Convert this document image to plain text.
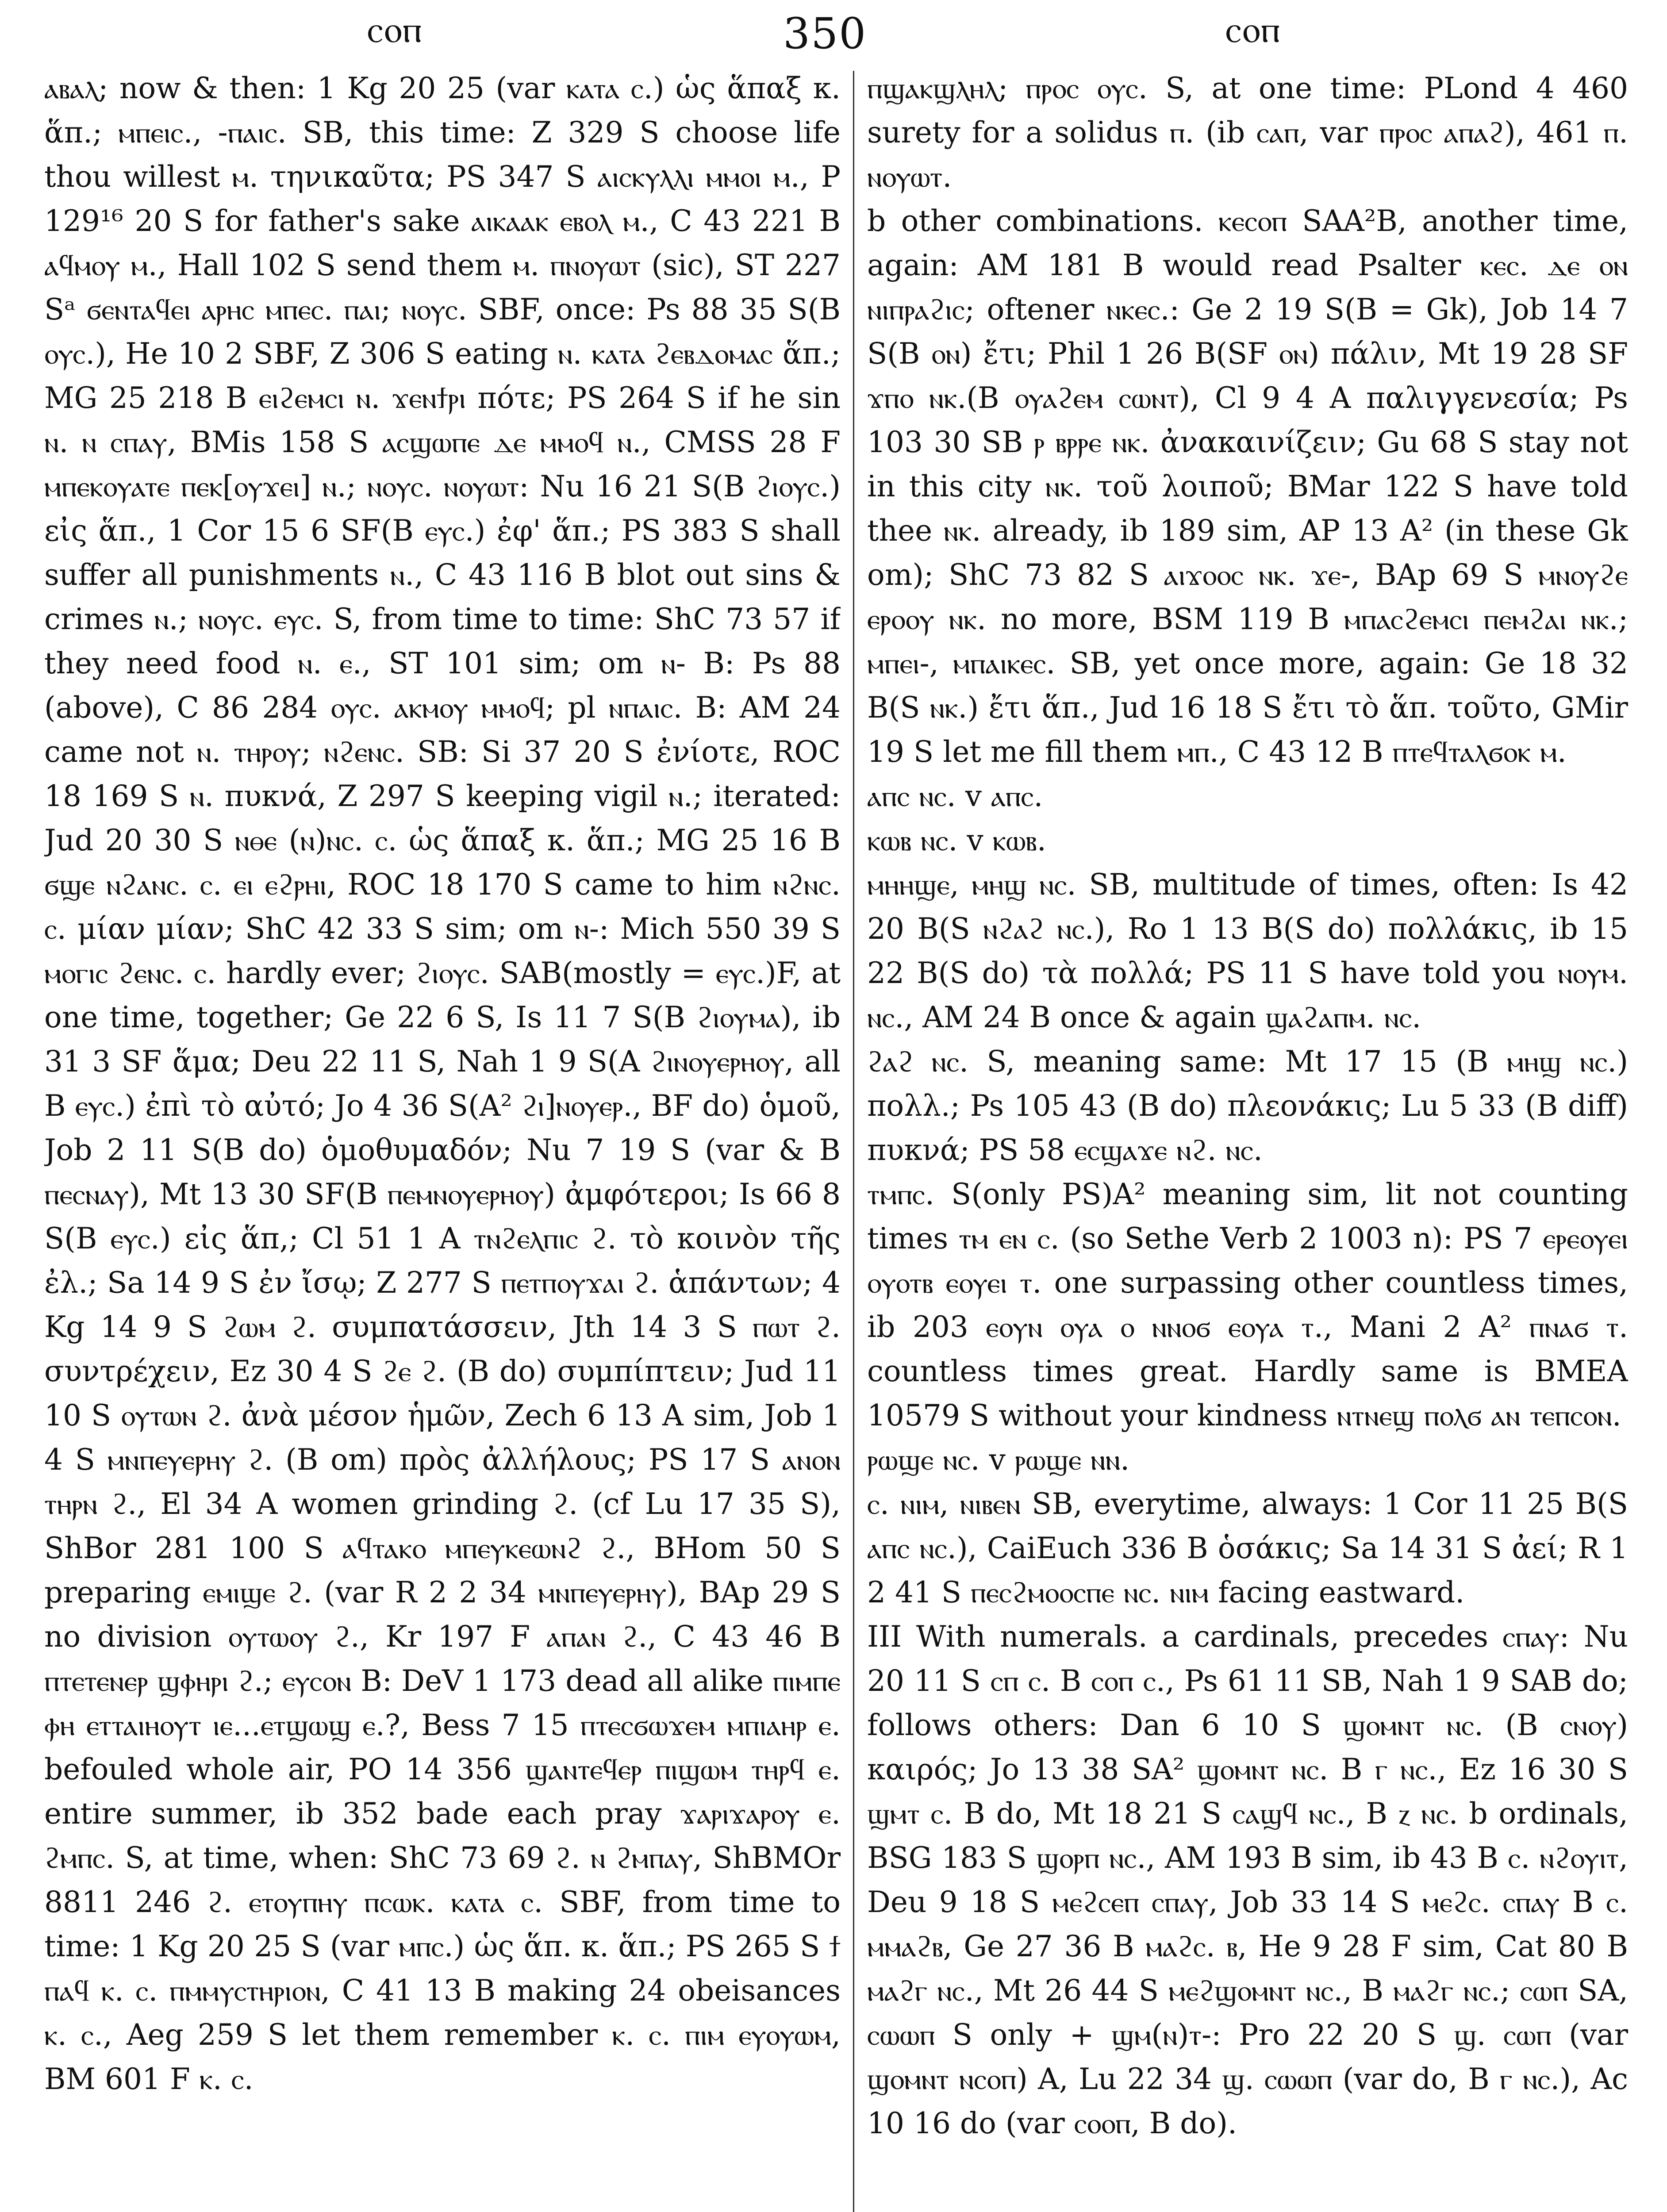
ⲥⲟⲡ	350	ⲥⲟⲡ

ⲁⲃⲁⲗ; now & then: 1 Kg 20 25 (var ⲕⲁⲧⲁ ⲥ.) ὡς ἅπαξ κ. ἅπ.; ⲙⲡⲉⲓⲥ., -ⲡⲁⲓⲥ. SB, this time: Z 329 S choose life thou willest ⲙ. τηνικαῦτα; PS 347 S ⲁⲓⲥⲕⲩⲗⲗⲓ ⲙⲙⲟⲓ ⲙ., P 129¹⁶ 20 S for father's sake ⲁⲓⲕⲁⲁⲕ ⲉⲃⲟⲗ ⲙ., C 43 221 B ⲁϥⲙⲟⲩ ⲙ., Hall 102 S send them ⲙ. ⲡⲛⲟⲩⲱⲧ (sic), ST 227 Sᵃ ϭⲉⲛⲧⲁϥⲉⲓ ⲁⲣⲏⲥ ⲙⲡⲉⲥ. ⲡⲁⲓ; ⲛⲟⲩⲥ. SBF, once: Ps 88 35 S(B ⲟⲩⲥ.), He 10 2 SBF, Z 306 S eating ⲛ. ⲕⲁⲧⲁ ϩⲉⲃⲇⲟⲙⲁⲥ ἅπ.; MG 25 218 B ⲉⲓϩⲉⲙⲥⲓ ⲛ. ϫⲉⲛϯⲣⲓ πότε; PS 264 S if he sin ⲛ. ⲛ ⲥⲡⲁⲩ, BMis 158 S ⲁⲥϣⲱⲡⲉ ⲇⲉ ⲙⲙⲟϥ ⲛ., CMSS 28 F ⲙⲡⲉⲕⲟⲩⲁⲧⲉ ⲡⲉⲕ[ⲟⲩϫⲉⲓ] ⲛ.; ⲛⲟⲩⲥ. ⲛⲟⲩⲱⲧ: Nu 16 21 S(B ϩⲓⲟⲩⲥ.) εἰς ἅπ., 1 Cor 15 6 SF(B ⲉⲩⲥ.) ἐφ' ἅπ.; PS 383 S shall suffer all punishments ⲛ., C 43 116 B blot out sins & crimes ⲛ.; ⲛⲟⲩⲥ. ⲉⲩⲥ. S, from time to time: ShC 73 57 if they need food ⲛ. ⲉ., ST 101 sim; om ⲛ- B: Ps 88 (above), C 86 284 ⲟⲩⲥ. ⲁⲕⲙⲟⲩ ⲙⲙⲟϥ; pl ⲛⲡⲁⲓⲥ. B: AM 24 came not ⲛ. ⲧⲏⲣⲟⲩ; ⲛϩⲉⲛⲥ. SB: Si 37 20 S ἐνίοτε, ROC 18 169 S ⲛ. πυκνά, Z 297 S keeping vigil ⲛ.; iterated: Jud 20 30 S ⲛⲑⲉ (ⲛ)ⲛⲥ. ⲥ. ὡς ἅπαξ κ. ἅπ.; MG 25 16 B ϭϣⲉ ⲛϩⲁⲛⲥ. ⲥ. ⲉⲓ ⲉϩⲣⲏⲓ, ROC 18 170 S came to him ⲛϩⲛⲥ. ⲥ. μίαν μίαν; ShC 42 33 S sim; om ⲛ-: Mich 550 39 S ⲙⲟⲅⲓⲥ ϩⲉⲛⲥ. ⲥ. hardly ever; ϩⲓⲟⲩⲥ. SAB(mostly = ⲉⲩⲥ.)F, at one time, together; Ge 22 6 S, Is 11 7 S(B ϩⲓⲟⲩⲙⲁ), ib 31 3 SF ἅμα; Deu 22 11 S, Nah 1 9 S(A ϩⲓⲛⲟⲩⲉⲣⲏⲟⲩ, all B ⲉⲩⲥ.) ἐπὶ τὸ αὐτό; Jo 4 36 S(A² ϩⲓ]ⲛⲟⲩⲉⲣ., BF do) ὁμοῦ, Job 2 11 S(B do) ὁμοθυμαδόν; Nu 7 19 S (var & B ⲡⲉⲥⲛⲁⲩ), Mt 13 30 SF(B ⲡⲉⲙⲛⲟⲩⲉⲣⲏⲟⲩ) ἀμφότεροι; Is 66 8 S(B ⲉⲩⲥ.) εἰς ἅπ,; Cl 51 1 A ⲧⲛϩⲉⲗⲡⲓⲥ ϩ. τὸ κοινὸν τῆς ἐλ.; Sa 14 9 S ἐν ἴσῳ; Z 277 S ⲡⲉⲧⲡⲟⲩϫⲁⲓ ϩ. ἁπάντων; 4 Kg 14 9 S ϩⲱⲙ ϩ. συμπατάσσειν, Jth 14 3 S ⲡⲱⲧ ϩ. συντρέχειν, Ez 30 4 S ϩⲉ ϩ. (B do) συμπίπτειν; Jud 11 10 S ⲟⲩⲧⲱⲛ ϩ. ἀνὰ μέσον ἡμῶν, Zech 6 13 A sim, Job 1 4 S ⲙⲛⲡⲉⲩⲉⲣⲏⲩ ϩ. (B om) πρὸς ἀλλήλους; PS 17 S ⲁⲛⲟⲛ ⲧⲏⲣⲛ ϩ., El 34 A women grinding ϩ. (cf Lu 17 35 S), ShBor 281 100 S ⲁϥⲧⲁⲕⲟ ⲙⲡⲉⲩⲕⲉⲱⲛϩ ϩ., BHom 50 S preparing ⲉⲙⲓϣⲉ ϩ. (var R 2 2 34 ⲙⲛⲡⲉⲩⲉⲣⲏⲩ), BAp 29 S no division ⲟⲩⲧⲱⲟⲩ ϩ., Kr 197 F ⲁⲡⲁⲛ ϩ., C 43 46 B ⲡⲧⲉⲧⲉⲛⲉⲣ ϣⲫⲏⲣⲓ ϩ.; ⲉⲩⲥⲟⲛ B: DeV 1 173 dead all alike ⲡⲓⲙⲡⲉ ⲫⲏ ⲉⲧⲧⲁⲓⲏⲟⲩⲧ ⲓⲉ...ⲉⲧϣⲱϣ ⲉ.?, Bess 7 15 ⲡⲧⲉⲥϭⲱϫⲉⲙ ⲙⲡⲓⲁⲏⲣ ⲉ. befouled whole air, PO 14 356 ϣⲁⲛⲧⲉϥⲉⲣ ⲡⲓϣⲱⲙ ⲧⲏⲣϥ ⲉ. entire summer, ib 352 bade each pray ϫⲁⲣⲓϫⲁⲣⲟⲩ ⲉ. ϩⲙⲡⲥ. S, at time, when: ShC 73 69 ϩ. ⲛ ϩⲙⲡⲁⲩ, ShBMOr 8811 246 ϩ. ⲉⲧⲟⲩⲡⲏⲩ ⲡⲥⲱⲕ. ⲕⲁⲧⲁ ⲥ. SBF, from time to time: 1 Kg 20 25 S (var ⲙⲡⲥ.) ὡς ἅπ. κ. ἅπ.; PS 265 S ϯ ⲡⲁϥ ⲕ. ⲥ. ⲡⲙⲙⲩⲥⲧⲏⲣⲓⲟⲛ, C 41 13 B making 24 obeisances ⲕ. ⲥ., Aeg 259 S let them remember ⲕ. ⲥ. ⲡⲓⲙ ⲉⲩⲟⲩⲱⲙ, BM 601 F ⲕ. ⲥ.

ⲡϣⲁⲕϣⲗⲏⲗ; ⲡⲣⲟⲥ ⲟⲩⲥ. S, at one time: PLond 4 460 surety for a solidus ⲡ. (ib ⲥⲁⲡ, var ⲡⲣⲟⲥ ⲁⲡⲁϩ), 461 ⲡ. ⲛⲟⲩⲱⲧ.

b other combinations. ⲕⲉⲥⲟⲡ SAA²B, another time, again: AM 181 B would read Psalter ⲕⲉⲥ. ⲇⲉ ⲟⲛ ⲛⲓⲡⲣⲁϩⲓⲥ; oftener ⲛⲕⲉⲥ.: Ge 2 19 S(B = Gk), Job 14 7 S(B ⲟⲛ) ἔτι; Phil 1 26 B(SF ⲟⲛ) πάλιν, Mt 19 28 SF ϫⲡⲟ ⲛⲕ.(B ⲟⲩⲁϩⲉⲙ ⲥⲱⲛⲧ), Cl 9 4 A παλιγγενεσία; Ps 103 30 SB ⲣ ⲃⲣⲣⲉ ⲛⲕ. ἀνακαινίζειν; Gu 68 S stay not in this city ⲛⲕ. τοῦ λοιποῦ; BMar 122 S have told thee ⲛⲕ. already, ib 189 sim, AP 13 A² (in these Gk om); ShC 73 82 S ⲁⲓϫⲟⲟⲥ ⲛⲕ. ϫⲉ-, BAp 69 S ⲙⲛⲟⲩϩⲉ ⲉⲣⲟⲟⲩ ⲛⲕ. no more, BSM 119 B ⲙⲡⲁⲥϩⲉⲙⲥⲓ ⲡⲉⲙϩⲁⲓ ⲛⲕ.; ⲙⲡⲉⲓ-, ⲙⲡⲁⲓⲕⲉⲥ. SB, yet once more, again: Ge 18 32 B(S ⲛⲕ.) ἔτι ἅπ., Jud 16 18 S ἔτι τὸ ἅπ. τοῦτο, GMir 19 S let me fill them ⲙⲡ., C 43 12 B ⲡⲧⲉϥⲧⲁⲗϭⲟⲕ ⲙ.

ⲁⲡⲥ ⲛⲥ. v ⲁⲡⲥ.

ⲕⲱⲃ ⲛⲥ. v ⲕⲱⲃ.

ⲙⲏⲏϣⲉ, ⲙⲏϣ ⲛⲥ. SB, multitude of times, often: Is 42 20 B(S ⲛϩⲁϩ ⲛⲥ.), Ro 1 13 B(S do) πολλάκις, ib 15 22 B(S do) τὰ πολλά; PS 11 S have told you ⲛⲟⲩⲙ. ⲛⲥ., AM 24 B once & again ϣⲁϩⲁⲡⲙ. ⲛⲥ.

ϩⲁϩ ⲛⲥ. S, meaning same: Mt 17 15 (B ⲙⲏϣ ⲛⲥ.) πολλ.; Ps 105 43 (B do) πλεονάκις; Lu 5 33 (B diff) πυκνά; PS 58 ⲉⲥϣⲁϫⲉ ⲛϩ. ⲛⲥ.

ⲧⲙⲡⲥ. S(only PS)A² meaning sim, lit not counting times ⲧⲙ ⲉⲛ ⲥ. (so Sethe Verb 2 1003 n): PS 7 ⲉⲣⲉⲟⲩⲉⲓ ⲟⲩⲟⲧⲃ ⲉⲟⲩⲉⲓ ⲧ. one surpassing other countless times, ib 203 ⲉⲟⲩⲛ ⲟⲩⲁ ⲟ ⲛⲛⲟϭ ⲉⲟⲩⲁ ⲧ., Mani 2 A² ⲡⲛⲁϭ ⲧ. countless times great. Hardly same is BMEA 10579 S without your kindness ⲛⲧⲛⲉϣ ⲡⲟⲗϭ ⲁⲛ ⲧⲉⲡⲥⲟⲛ.

ⲣⲱϣⲉ ⲛⲥ. v ⲣⲱϣⲉ ⲛⲛ.

ⲥ. ⲛⲓⲙ, ⲛⲓⲃⲉⲛ SB, everytime, always: 1 Cor 11 25 B(S ⲁⲡⲥ ⲛⲥ.), CaiEuch 336 B ὁσάκις; Sa 14 31 S ἀεί; R 1 2 41 S ⲡⲉⲥϩⲙⲟⲟⲥⲡⲉ ⲛⲥ. ⲛⲓⲙ facing eastward.

III With numerals. a cardinals, precedes ⲥⲡⲁⲩ: Nu 20 11 S ⲥⲡ ⲥ. B ⲥⲟⲡ ⲥ., Ps 61 11 SB, Nah 1 9 SAB do; follows others: Dan 6 10 S ϣⲟⲙⲛⲧ ⲛⲥ. (B ⲥⲛⲟⲩ) καιρός; Jo 13 38 SA² ϣⲟⲙⲛⲧ ⲛⲥ. B ⲅ ⲛⲥ., Ez 16 30 S ϣⲙⲧ ⲥ. B do, Mt 18 21 S ⲥⲁϣϥ ⲛⲥ., B ⲍ ⲛⲥ. b ordinals, BSG 183 S ϣⲟⲣⲡ ⲛⲥ., AM 193 B sim, ib 43 B ⲥ. ⲛϩⲟⲩⲓⲧ, Deu 9 18 S ⲙⲉϩⲥⲉⲡ ⲥⲡⲁⲩ, Job 33 14 S ⲙⲉϩⲥ. ⲥⲡⲁⲩ B ⲥ. ⲙⲙⲁϩⲃ, Ge 27 36 B ⲙⲁϩⲥ. ⲃ, He 9 28 F sim, Cat 80 B ⲙⲁϩⲅ ⲛⲥ., Mt 26 44 S ⲙⲉϩϣⲟⲙⲛⲧ ⲛⲥ., B ⲙⲁϩⲅ ⲛⲥ.; ⲥⲱⲡ SA, ⲥⲱⲱⲡ S only + ϣⲙ(ⲛ)ⲧ-: Pro 22 20 S ϣ. ⲥⲱⲡ (var ϣⲟⲙⲛⲧ ⲛⲥⲟⲡ) A, Lu 22 34 ϣ. ⲥⲱⲱⲡ (var do, B ⲅ ⲛⲥ.), Ac 10 16 do (var ⲥⲟⲟⲡ, B do).
